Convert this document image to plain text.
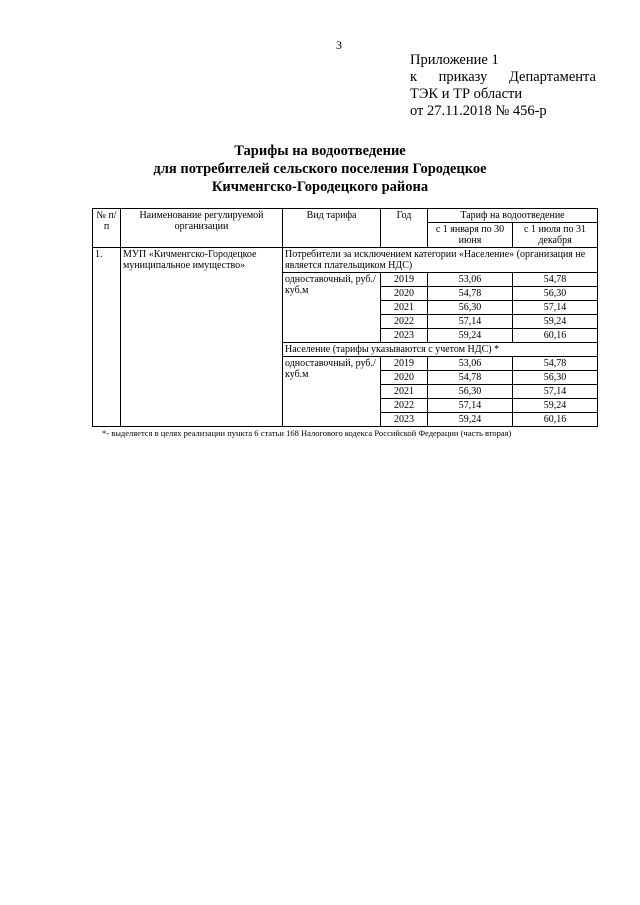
3
Приложение 1
к приказу Департамента
ТЭК и ТР области
от 27.11.2018 № 456-р
Тарифы на водоотведение
для потребителей сельского поселения Городецкое
Кичменгско-Городецкого района
№ п/п	Наименование регулируемой организации	Вид тарифа	Год	Тариф на водоотведение	
				с 1 января по 30 июня	с 1 июля по 31 декабря
1.	МУП «Кичменгско-Городецкое муниципальное имущество»	Потребители за исключением категории «Население» (организация не является плательщиком НДС)			
		одноставочный, руб./куб.м	2019	53,06	54,78
			2020	54,78	56,30
			2021	56,30	57,14
			2022	57,14	59,24
			2023	59,24	60,16
		Население (тарифы указываются с учетом НДС) *			
		одноставочный, руб./куб.м	2019	53,06	54,78
			2020	54,78	56,30
			2021	56,30	57,14
			2022	57,14	59,24
			2023	59,24	60,16
*- выделяется в целях реализации пункта 6 статьи 168 Налогового кодекса Российской Федерации (часть вторая)
